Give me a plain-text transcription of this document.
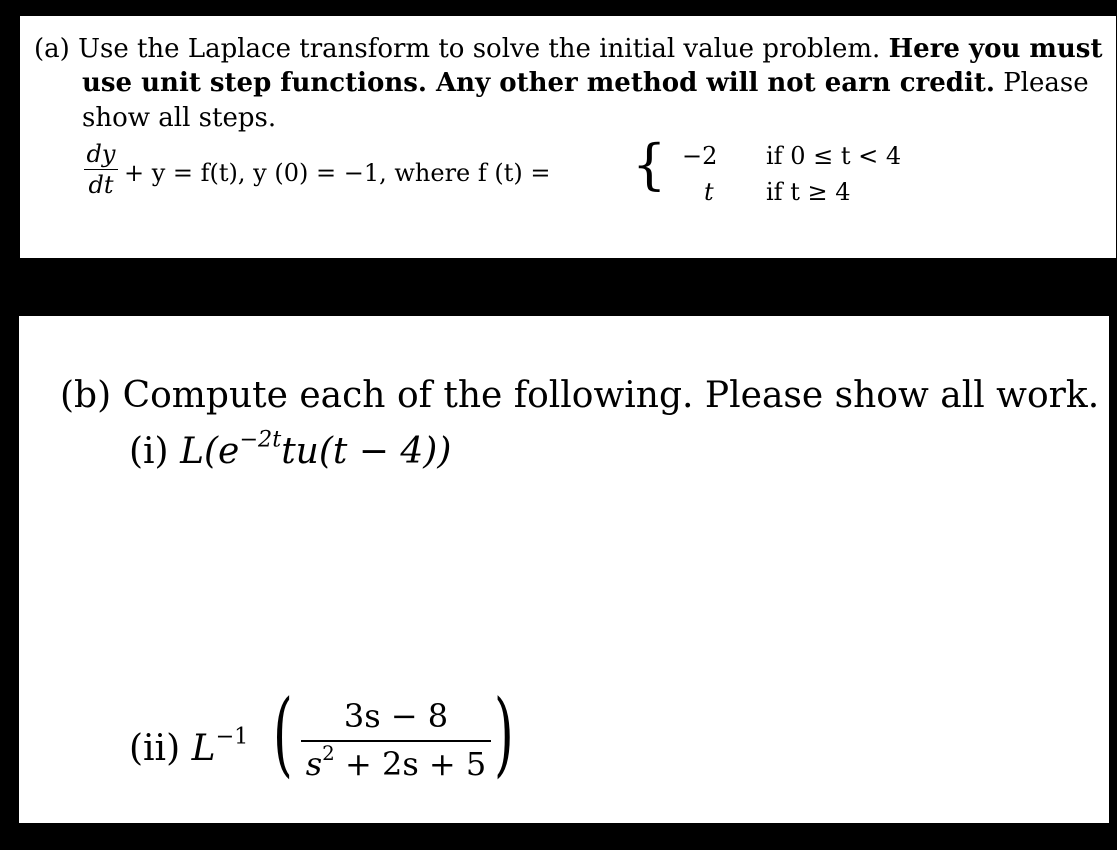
(a) Use the Laplace transform to solve the initial value problem. Here you must
use unit step functions. Any other method will not earn credit. Please
show all steps.
dy
dt + y = f(t), y (0) = −1, where f (t) = { −2 if 0 ≤ t < 4
t if t ≥ 4
(b) Compute each of the following. Please show all work.
(i) $L(e^{-2t}tu(t - 4))$
(ii) $L^{-1}$ (	3s − 8
$s^2 + 2s + 5$ )
